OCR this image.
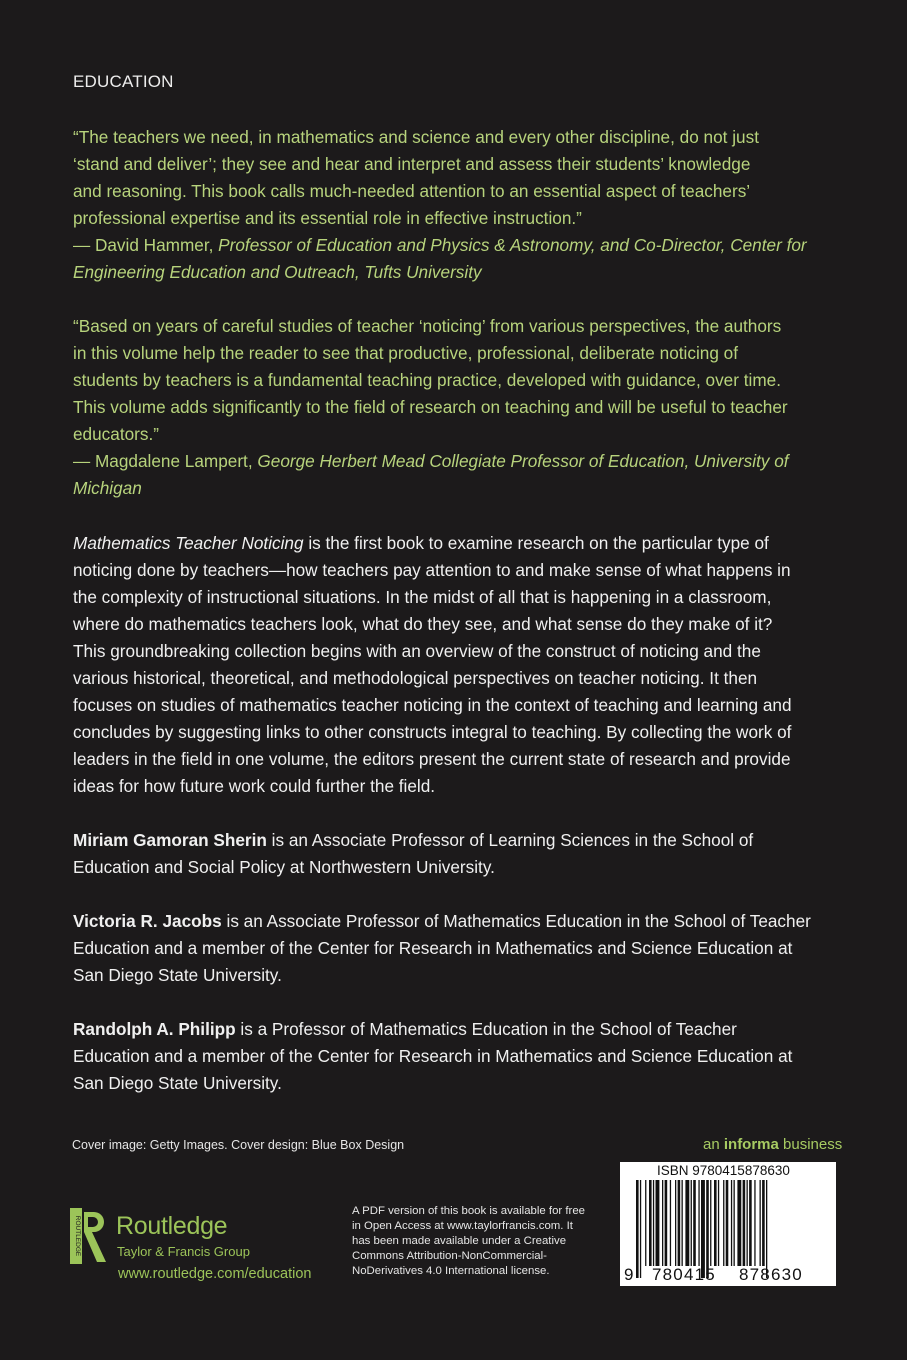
EDUCATION
“The teachers we need, in mathematics and science and every other discipline, do not just
‘stand and deliver’; they see and hear and interpret and assess their students’ knowledge
and reasoning. This book calls much-needed attention to an essential aspect of teachers’
professional expertise and its essential role in effective instruction.”
— David Hammer, Professor of Education and Physics & Astronomy, and Co-Director, Center for
Engineering Education and Outreach, Tufts University
“Based on years of careful studies of teacher ‘noticing’ from various perspectives, the authors
in this volume help the reader to see that productive, professional, deliberate noticing of
students by teachers is a fundamental teaching practice, developed with guidance, over time.
This volume adds significantly to the field of research on teaching and will be useful to teacher
educators.”
— Magdalene Lampert, George Herbert Mead Collegiate Professor of Education, University of
Michigan
Mathematics Teacher Noticing is the first book to examine research on the particular type of
noticing done by teachers—how teachers pay attention to and make sense of what happens in
the complexity of instructional situations. In the midst of all that is happening in a classroom,
where do mathematics teachers look, what do they see, and what sense do they make of it?
This groundbreaking collection begins with an overview of the construct of noticing and the
various historical, theoretical, and methodological perspectives on teacher noticing. It then
focuses on studies of mathematics teacher noticing in the context of teaching and learning and
concludes by suggesting links to other constructs integral to teaching. By collecting the work of
leaders in the field in one volume, the editors present the current state of research and provide
ideas for how future work could further the field.
Miriam Gamoran Sherin is an Associate Professor of Learning Sciences in the School of
Education and Social Policy at Northwestern University.
Victoria R. Jacobs is an Associate Professor of Mathematics Education in the School of Teacher
Education and a member of the Center for Research in Mathematics and Science Education at
San Diego State University.
Randolph A. Philipp is a Professor of Mathematics Education in the School of Teacher
Education and a member of the Center for Research in Mathematics and Science Education at
San Diego State University.
Cover image: Getty Images. Cover design: Blue Box Design	an informa business
ROUTLEDGE Routledge
Taylor & Francis Group
www.routledge.com/education
A PDF version of this book is available for free
in Open Access at www.taylorfrancis.com. It
has been made available under a Creative
Commons Attribution-NonCommercial-
NoDerivatives 4.0 International license.
ISBN 9780415878630
9 780415 878630
